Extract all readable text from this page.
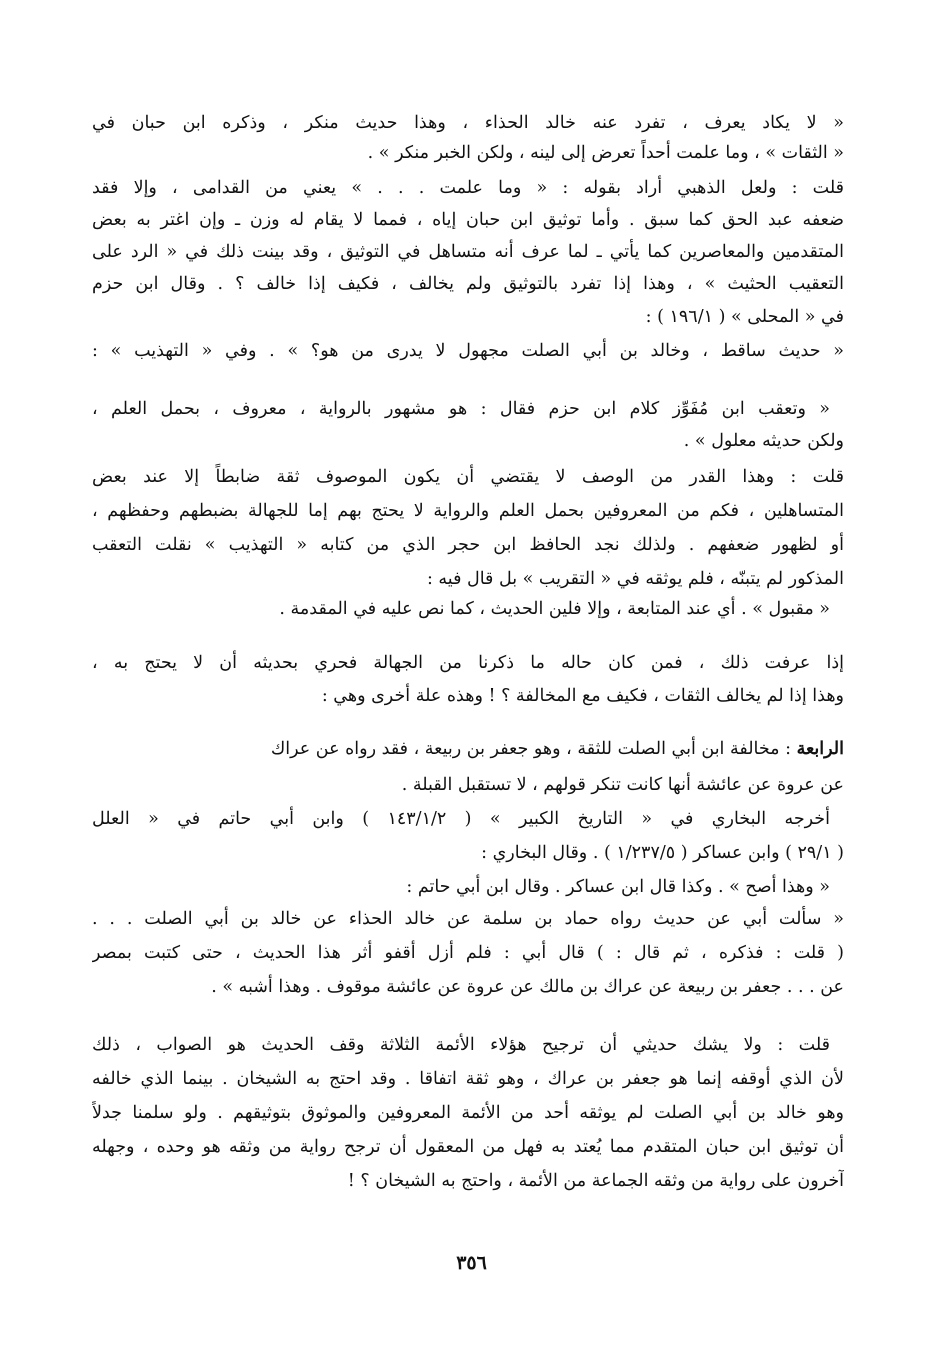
« لا يكاد يعرف ، تفرد عنه خالد الحذاء ، وهذا حديث منكر ، وذكره ابن حبان في
« الثقات » ، وما علمت أحداً تعرض إلى لينه ، ولكن الخبر منكر » .
قلت : ولعل الذهبي أراد بقوله : « وما علمت . . . » يعني من القدامى ، وإلا فقد
ضعفه عبد الحق كما سبق . وأما توثيق ابن حبان إياه ، فمما لا يقام له وزن ـ وإن اغتر به بعض
المتقدمين والمعاصرين كما يأتي ـ لما عرف أنه متساهل في التوثيق ، وقد بينت ذلك في « الرد على
التعقيب الحثيث » ، وهذا إذا تفرد بالتوثيق ولم يخالف ، فكيف إذا خالف ؟ . وقال ابن حزم
في « المحلى » ( ١٩٦/١ ) :
« حديث ساقط ، وخالد بن أبي الصلت مجهول لا يدرى من هو؟ » . وفي « التهذيب » :
« وتعقب ابن مُفَوِّز كلام ابن حزم فقال : هو مشهور بالرواية ، معروف ، بحمل العلم ،
ولكن حديثه معلول » .
قلت : وهذا القدر من الوصف لا يقتضي أن يكون الموصوف ثقة ضابطاً إلا عند بعض
المتساهلين ، فكم من المعروفين بحمل العلم والرواية لا يحتج بهم إما للجهالة بضبطهم وحفظهم ،
أو لظهور ضعفهم . ولذلك نجد الحافظ ابن حجر الذي من كتابه « التهذيب » نقلت التعقب
المذكور لم يتبنّه ، فلم يوثقه في « التقريب » بل قال فيه :
« مقبول » . أي عند المتابعة ، وإلا فلين الحديث ، كما نص عليه في المقدمة .
إذا عرفت ذلك ، فمن كان حاله ما ذكرنا من الجهالة فحري بحديثه أن لا يحتج به ،
وهذا إذا لم يخالف الثقات ، فكيف مع المخالفة ؟ ! وهذه علة أخرى وهي :
الرابعة : مخالفة ابن أبي الصلت للثقة ، وهو جعفر بن ربيعة ، فقد رواه عن عراك
عن عروة عن عائشة أنها كانت تنكر قولهم ، لا تستقبل القبلة .
أخرجه البخاري في « التاريخ الكبير » ( ١٤٣/١/٢ ) وابن أبي حاتم في « العلل
( ٢٩/١ ) وابن عساكر ( ١/٢٣٧/٥ ) . وقال البخاري :
« وهذا أصح » . وكذا قال ابن عساكر . وقال ابن أبي حاتم :
« سألت أبي عن حديث رواه حماد بن سلمة عن خالد الحذاء عن خالد بن أبي الصلت . . .
( قلت : فذكره ، ثم قال : ) قال أبي : فلم أزل أقفو أثر هذا الحديث ، حتى كتبت بمصر
عن . . . جعفر بن ربيعة عن عراك بن مالك عن عروة عن عائشة موقوف . وهذا أشبه » .
قلت : ولا يشك حديثي أن ترجيح هؤلاء الأئمة الثلاثة وقف الحديث هو الصواب ، ذلك
لأن الذي أوقفه إنما هو جعفر بن عراك ، وهو ثقة اتفاقا . وقد احتج به الشيخان . بينما الذي خالفه
وهو خالد بن أبي الصلت لم يوثقه أحد من الأئمة المعروفين والموثوق بتوثيقهم . ولو سلمنا جدلاً
أن توثيق ابن حبان المتقدم مما يُعتد به فهل من المعقول أن ترجح رواية من وثقه هو وحده ، وجهله
آخرون على رواية من وثقه الجماعة من الأئمة ، واحتج به الشيخان ؟ !
٣٥٦
